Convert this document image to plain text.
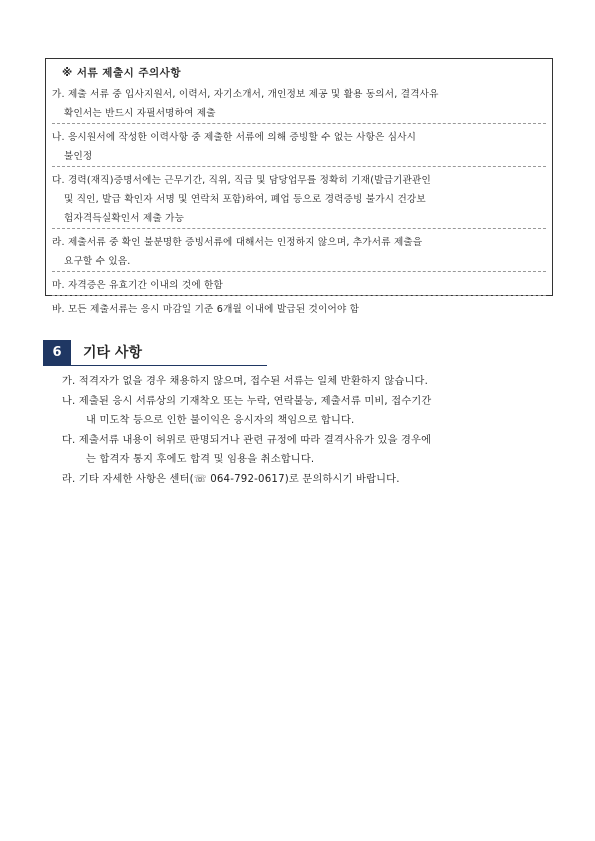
※ 서류 제출시 주의사항
가. 제출 서류 중 입사지원서, 이력서, 자기소개서, 개인정보 제공 및 활용 동의서, 결격사유
확인서는 반드시 자필서명하여 제출
나. 응시원서에 작성한 이력사항 중 제출한 서류에 의해 증빙할 수 없는 사항은 심사시
불인정
다. 경력(재직)증명서에는 근무기간, 직위, 직급 및 담당업무를 정확히 기재(발급기관관인
및 직인, 발급 확인자 서명 및 연락처 포함)하여, 폐업 등으로 경력증빙 불가시 건강보
험자격득실확인서 제출 가능
라. 제출서류 중 확인 불분명한 증빙서류에 대해서는 인정하지 않으며, 추가서류 제출을
요구할 수 있음.
마. 자격증은 유효기간 이내의 것에 한함
바. 모든 제출서류는 응시 마감일 기준 6개월 이내에 발급된 것이어야 함
6	기타 사항
가. 적격자가 없을 경우 채용하지 않으며, 접수된 서류는 일체 반환하지 않습니다.
나. 제출된 응시 서류상의 기재착오 또는 누락, 연락불능, 제출서류 미비, 접수기간
내 미도착 등으로 인한 불이익은 응시자의 책임으로 합니다.
다. 제출서류 내용이 허위로 판명되거나 관련 규정에 따라 결격사유가 있을 경우에
는 합격자 통지 후에도 합격 및 임용을 취소합니다.
라. 기타 자세한 사항은 센터(☏ 064-792-0617)로 문의하시기 바랍니다.
